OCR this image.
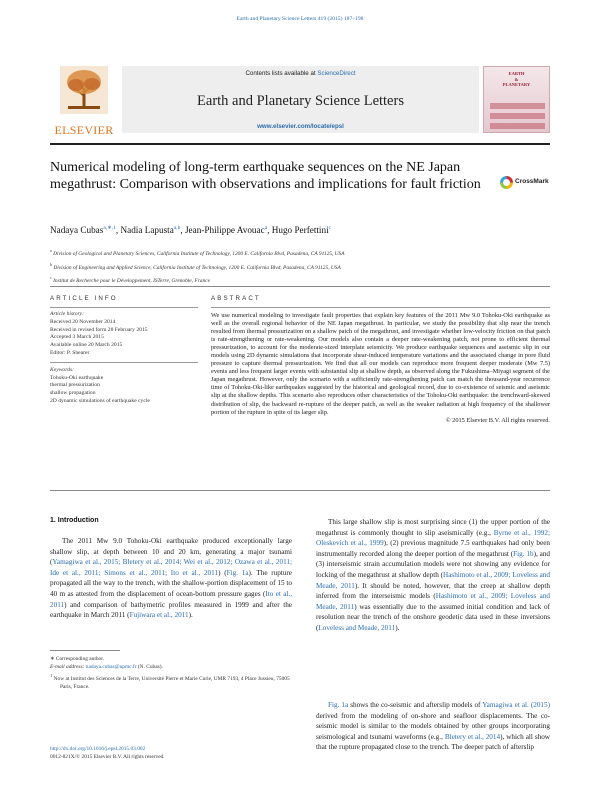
Earth and Planetary Science Letters 419 (2015) 187–198
ELSEVIER
Contents lists available at ScienceDirect
Earth and Planetary Science Letters
www.elsevier.com/locate/epsl
EARTH
&
PLANETARY
Numerical modeling of long-term earthquake sequences on the NE Japan megathrust: Comparison with observations and implications for fault friction	CrossMark
Nadaya Cubas$^{a,∗,1}$, Nadia Lapusta$^{a,b}$, Jean-Philippe Avouac$^a$, Hugo Perfettini$^c$
$^a$ Division of Geological and Planetary Sciences, California Institute of Technology, 1200 E. California Blvd, Pasadena, CA 91125, USA
$^b$ Division of Engineering and Applied Science, California Institute of Technology, 1200 E. California Blvd, Pasadena, CA 91125, USA
$^c$ Institut de Recherche pour le Développement, ISTerre, Grenoble, France
ARTICLE INFO
Article history:
Received 20 November 2014
Received in revised form 28 February 2015
Accepted 3 March 2015
Available online 20 March 2015
Editor: P. Shearer
Keywords:
Tohoku-Oki earthquake
thermal pressurization
shallow propagation
2D dynamic simulations of earthquake cycle
ABSTRACT

We use numerical modeling to investigate fault properties that explain key features of the 2011 Mw 9.0 Tohoku-Oki earthquake as well as the overall regional behavior of the NE Japan megathrust. In particular, we study the possibility that slip near the trench resulted from thermal pressurization on a shallow patch of the megathrust, and investigate whether low-velocity friction on that patch is rate-strengthening or rate-weakening. Our models also contain a deeper rate-weakening patch, not prone to efficient thermal pressurization, to account for the moderate-sized interplate seismicity. We produce earthquake sequences and aseismic slip in our models using 2D dynamic simulations that incorporate shear-induced temperature variations and the associated change in pore fluid pressure to capture thermal pressurization. We find that all our models can reproduce more frequent deeper moderate (Mw 7.5) events and less frequent larger events with substantial slip at shallow depth, as observed along the Fukushima–Miyagi segment of the Japan megathrust. However, only the scenario with a sufficiently rate-strengthening patch can match the thousand-year recurrence time of Tohoku-Oki-like earthquakes suggested by the historical and geological record, due to co-existence of seismic and aseismic slip at the shallow depths. This scenario also reproduces other characteristics of the Tohoku-Oki earthquake: the trenchward-skewed distribution of slip, the backward re-rupture of the deeper patch, as well as the weaker radiation at high frequency of the shallower portion of the rupture in spite of its larger slip.

© 2015 Elsevier B.V. All rights reserved.

1. Introduction

The 2011 Mw 9.0 Tohoku-Oki earthquake produced exceptionally large shallow slip, at depth between 10 and 20 km, generating a major tsunami (Yamagiwa et al., 2015; Bletery et al., 2014; Wei et al., 2012; Ozawa et al., 2011; Ide et al., 2011; Simons et al., 2011; Ito et al., 2011) (Fig. 1a). The rupture propagated all the way to the trench, with the shallow-portion displacement of 15 to 40 m as attested from the displacement of ocean-bottom pressure gages (Ito et al., 2011) and comparison of bathymetric profiles measured in 1999 and after the earthquake in March 2011 (Fujiwara et al., 2011).

This large shallow slip is most surprising since (1) the upper portion of the megathrust is commonly thought to slip aseismically (e.g., Byrne et al., 1992; Oleskevich et al., 1999), (2) previous magnitude 7.5 earthquakes had only been instrumentally recorded along the deeper portion of the megathrust (Fig. 1b), and (3) interseismic strain accumulation models were not showing any evidence for locking of the megathrust at shallow depth (Hashimoto et al., 2009; Loveless and Meade, 2011). It should be noted, however, that the creep at shallow depth inferred from the interseismic models (Hashimoto et al., 2009; Loveless and Meade, 2011) was essentially due to the assumed initial condition and lack of resolution near the trench of the onshore geodetic data used in these inversions (Loveless and Meade, 2011).

Fig. 1a shows the co-seismic and afterslip models of Yamagiwa et al. (2015) derived from the modeling of on-shore and seafloor displacements. The co-seismic model is similar to the models obtained by other groups incorporating seismological and tsunami waveforms (e.g., Bletery et al., 2014), which all show that the rupture propagated close to the trench. The deeper patch of afterslip

∗ Corresponding author.

E-mail address: nadaya.cubas@upmc.fr (N. Cubas).

$^1$ Now at Institut des Sciences de la Terre, Université Pierre et Marie Curie, UMR 7193, 4 Place Jussieu, 75005 Paris, France.

http://dx.doi.org/10.1016/j.epsl.2015.03.002
0012-821X/© 2015 Elsevier B.V. All rights reserved.
